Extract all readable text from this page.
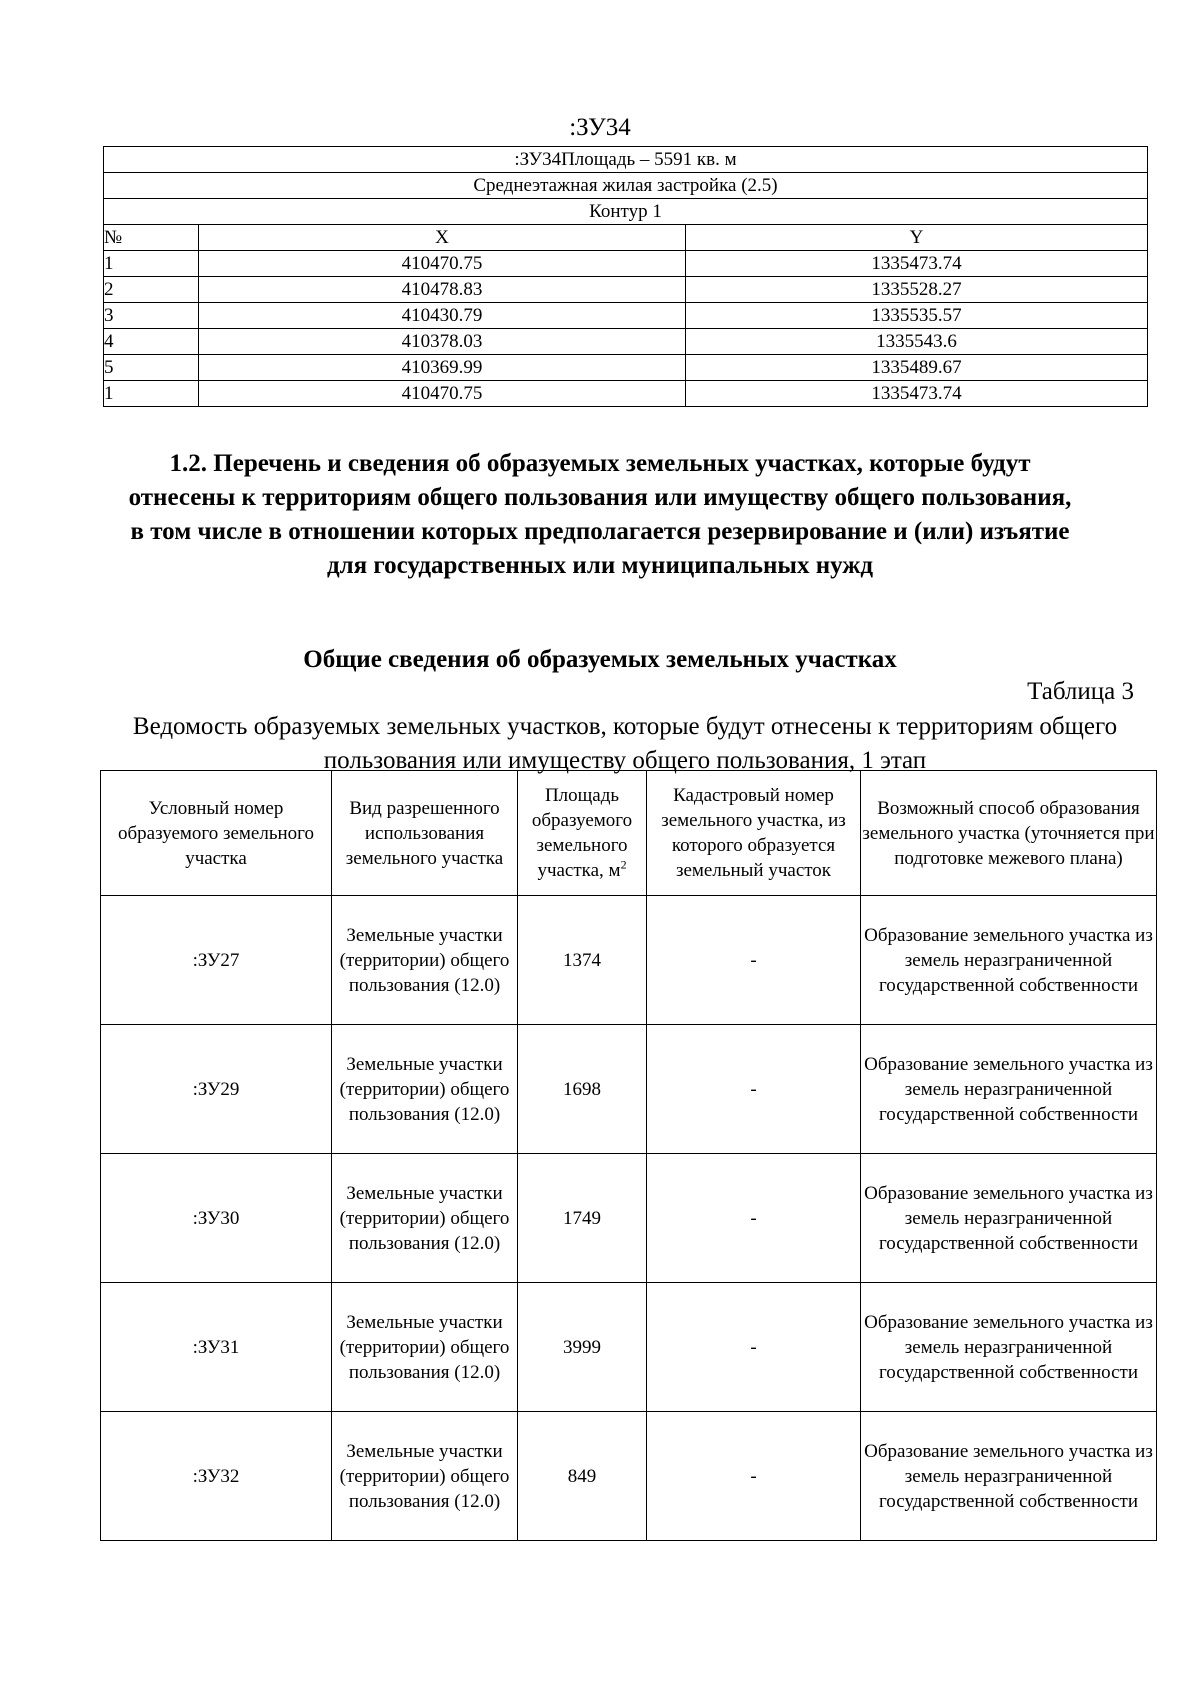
:ЗУ34
:ЗУ34Площадь – 5591 кв. м		
Среднеэтажная жилая застройка (2.5)		
Контур 1		
№	X	Y
1	410470.75	1335473.74
2	410478.83	1335528.27
3	410430.79	1335535.57
4	410378.03	1335543.6
5	410369.99	1335489.67
1	410470.75	1335473.74
1.2. Перечень и сведения об образуемых земельных участках, которые будут отнесены к территориям общего пользования или имуществу общего пользования, в том числе в отношении которых предполагается резервирование и (или) изъятие для государственных или муниципальных нужд
Общие сведения об образуемых земельных участках
Таблица 3
Ведомость образуемых земельных участков, которые будут отнесены к территориям общего пользования или имуществу общего пользования, 1 этап
Условный номер образуемого земельного участка	Вид разрешенного использования земельного участка	Площадь образуемого земельного участка, $м^2$	Кадастровый номер земельного участка, из которого образуется земельный участок	Возможный способ образования земельного участка (уточняется при подготовке межевого плана)
:ЗУ27	Земельные участки (территории) общего пользования (12.0)	1374	-	Образование земельного участка из земель неразграниченной государственной собственности
:ЗУ29	Земельные участки (территории) общего пользования (12.0)	1698	-	Образование земельного участка из земель неразграниченной государственной собственности
:ЗУ30	Земельные участки (территории) общего пользования (12.0)	1749	-	Образование земельного участка из земель неразграниченной государственной собственности
:ЗУ31	Земельные участки (территории) общего пользования (12.0)	3999	-	Образование земельного участка из земель неразграниченной государственной собственности
:ЗУ32	Земельные участки (территории) общего пользования (12.0)	849	-	Образование земельного участка из земель неразграниченной государственной собственности
